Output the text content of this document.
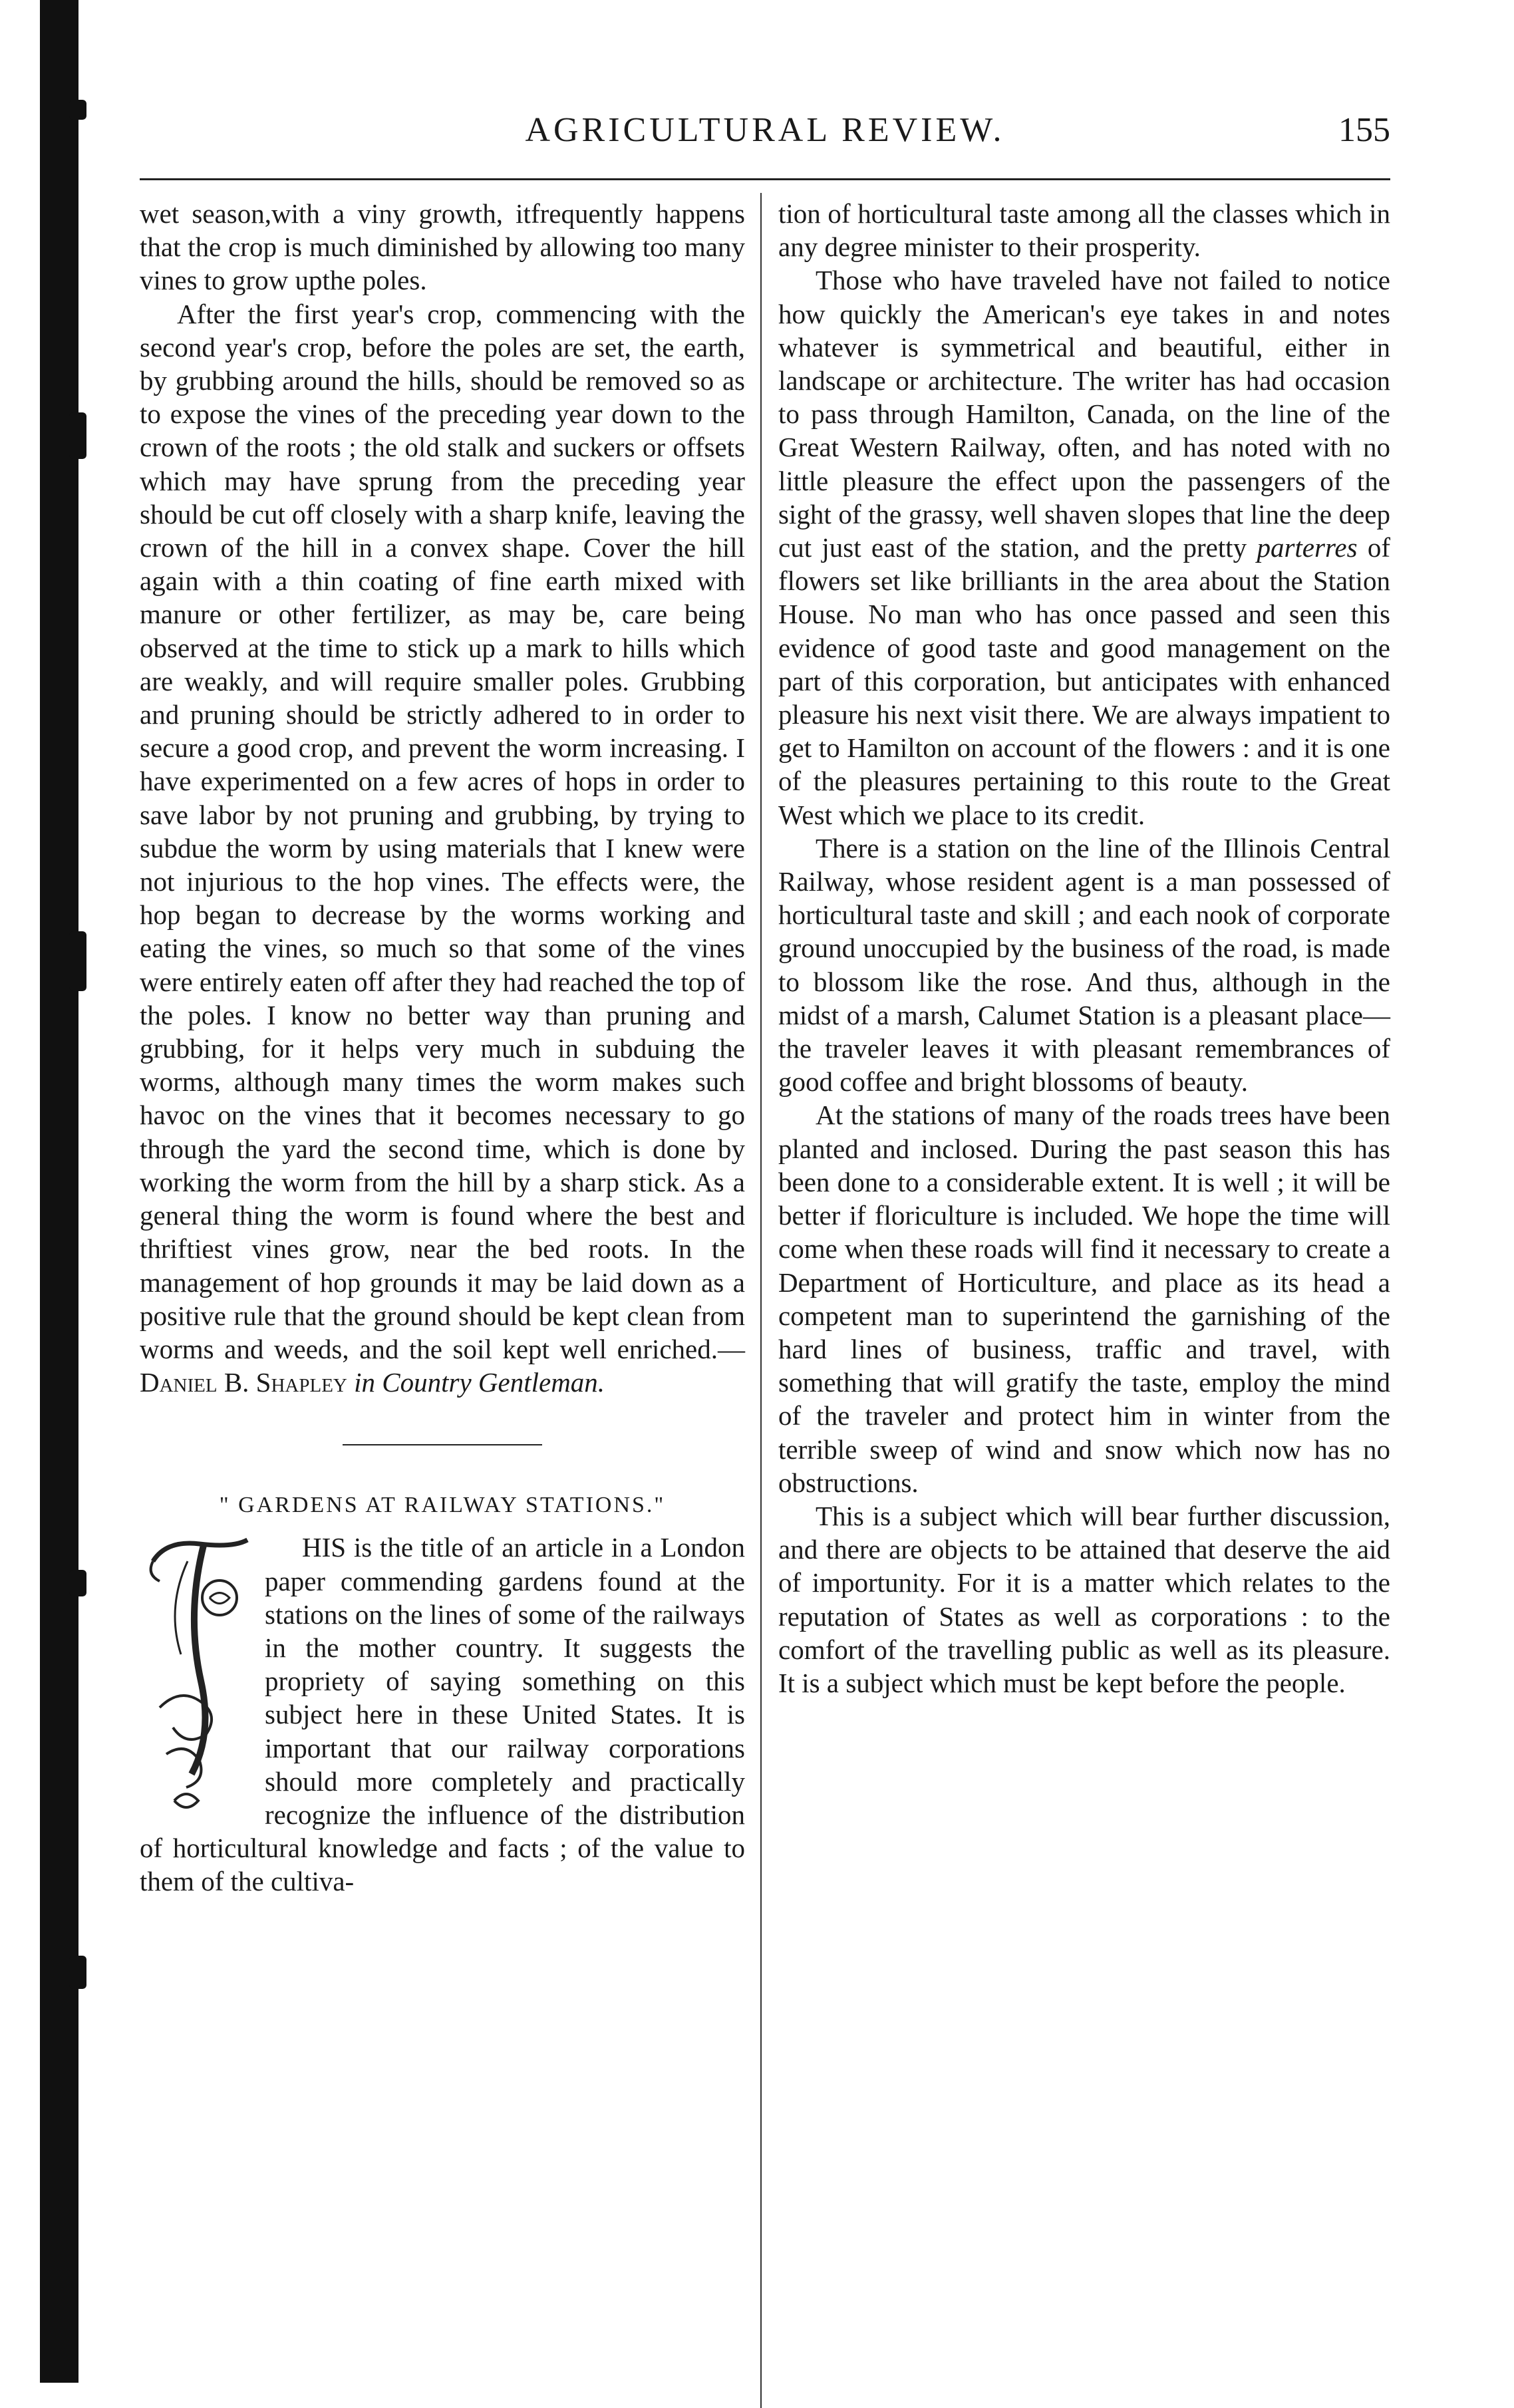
AGRICULTURAL REVIEW.	155

wet season,with a viny growth, itfrequently happens that the crop is much diminished by allowing too many vines to grow upthe poles.

After the first year's crop, commencing with the second year's crop, before the poles are set, the earth, by grubbing around the hills, should be removed so as to expose the vines of the preceding year down to the crown of the roots ; the old stalk and suckers or offsets which may have sprung from the preceding year should be cut off closely with a sharp knife, leaving the crown of the hill in a convex shape. Cover the hill again with a thin coating of fine earth mixed with manure or other fertilizer, as may be, care being observed at the time to stick up a mark to hills which are weakly, and will require smaller poles. Grubbing and pruning should be strictly adhered to in order to secure a good crop, and prevent the worm increasing. I have experimented on a few acres of hops in order to save labor by not pruning and grubbing, by trying to subdue the worm by using materials that I knew were not injurious to the hop vines. The effects were, the hop began to decrease by the worms working and eating the vines, so much so that some of the vines were entirely eaten off after they had reached the top of the poles. I know no better way than pruning and grubbing, for it helps very much in subduing the worms, although many times the worm makes such havoc on the vines that it becomes necessary to go through the yard the second time, which is done by working the worm from the hill by a sharp stick. As a general thing the worm is found where the best and thriftiest vines grow, near the bed roots. In the management of hop grounds it may be laid down as a positive rule that the ground should be kept clean from worms and weeds, and the soil kept well enriched.—Daniel B. Shapley in Country Gentleman.

" GARDENS AT RAILWAY STATIONS."

HIS is the title of an article in a London paper commending gardens found at the stations on the lines of some of the railways in the mother country. It suggests the propriety of saying something on this subject here in these United States. It is important that our railway corporations should more completely and practically recognize the influence of the distribution of horticultural knowledge and facts ; of the value to them of the cultiva-

tion of horticultural taste among all the classes which in any degree minister to their prosperity.

Those who have traveled have not failed to notice how quickly the American's eye takes in and notes whatever is symmetrical and beautiful, either in landscape or architecture. The writer has had occasion to pass through Hamilton, Canada, on the line of the Great Western Railway, often, and has noted with no little pleasure the effect upon the passengers of the sight of the grassy, well shaven slopes that line the deep cut just east of the station, and the pretty parterres of flowers set like brilliants in the area about the Station House. No man who has once passed and seen this evidence of good taste and good management on the part of this corporation, but anticipates with enhanced pleasure his next visit there. We are always impatient to get to Hamilton on account of the flowers : and it is one of the pleasures pertaining to this route to the Great West which we place to its credit.

There is a station on the line of the Illinois Central Railway, whose resident agent is a man possessed of horticultural taste and skill ; and each nook of corporate ground unoccupied by the business of the road, is made to blossom like the rose. And thus, although in the midst of a marsh, Calumet Station is a pleasant place—the traveler leaves it with pleasant remembrances of good coffee and bright blossoms of beauty.

At the stations of many of the roads trees have been planted and inclosed. During the past season this has been done to a considerable extent. It is well ; it will be better if floriculture is included. We hope the time will come when these roads will find it necessary to create a Department of Horticulture, and place as its head a competent man to superintend the garnishing of the hard lines of business, traffic and travel, with something that will gratify the taste, employ the mind of the traveler and protect him in winter from the terrible sweep of wind and snow which now has no obstructions.

This is a subject which will bear further discussion, and there are objects to be attained that deserve the aid of importunity. For it is a matter which relates to the reputation of States as well as corporations : to the comfort of the travelling public as well as its pleasure. It is a subject which must be kept before the people.
